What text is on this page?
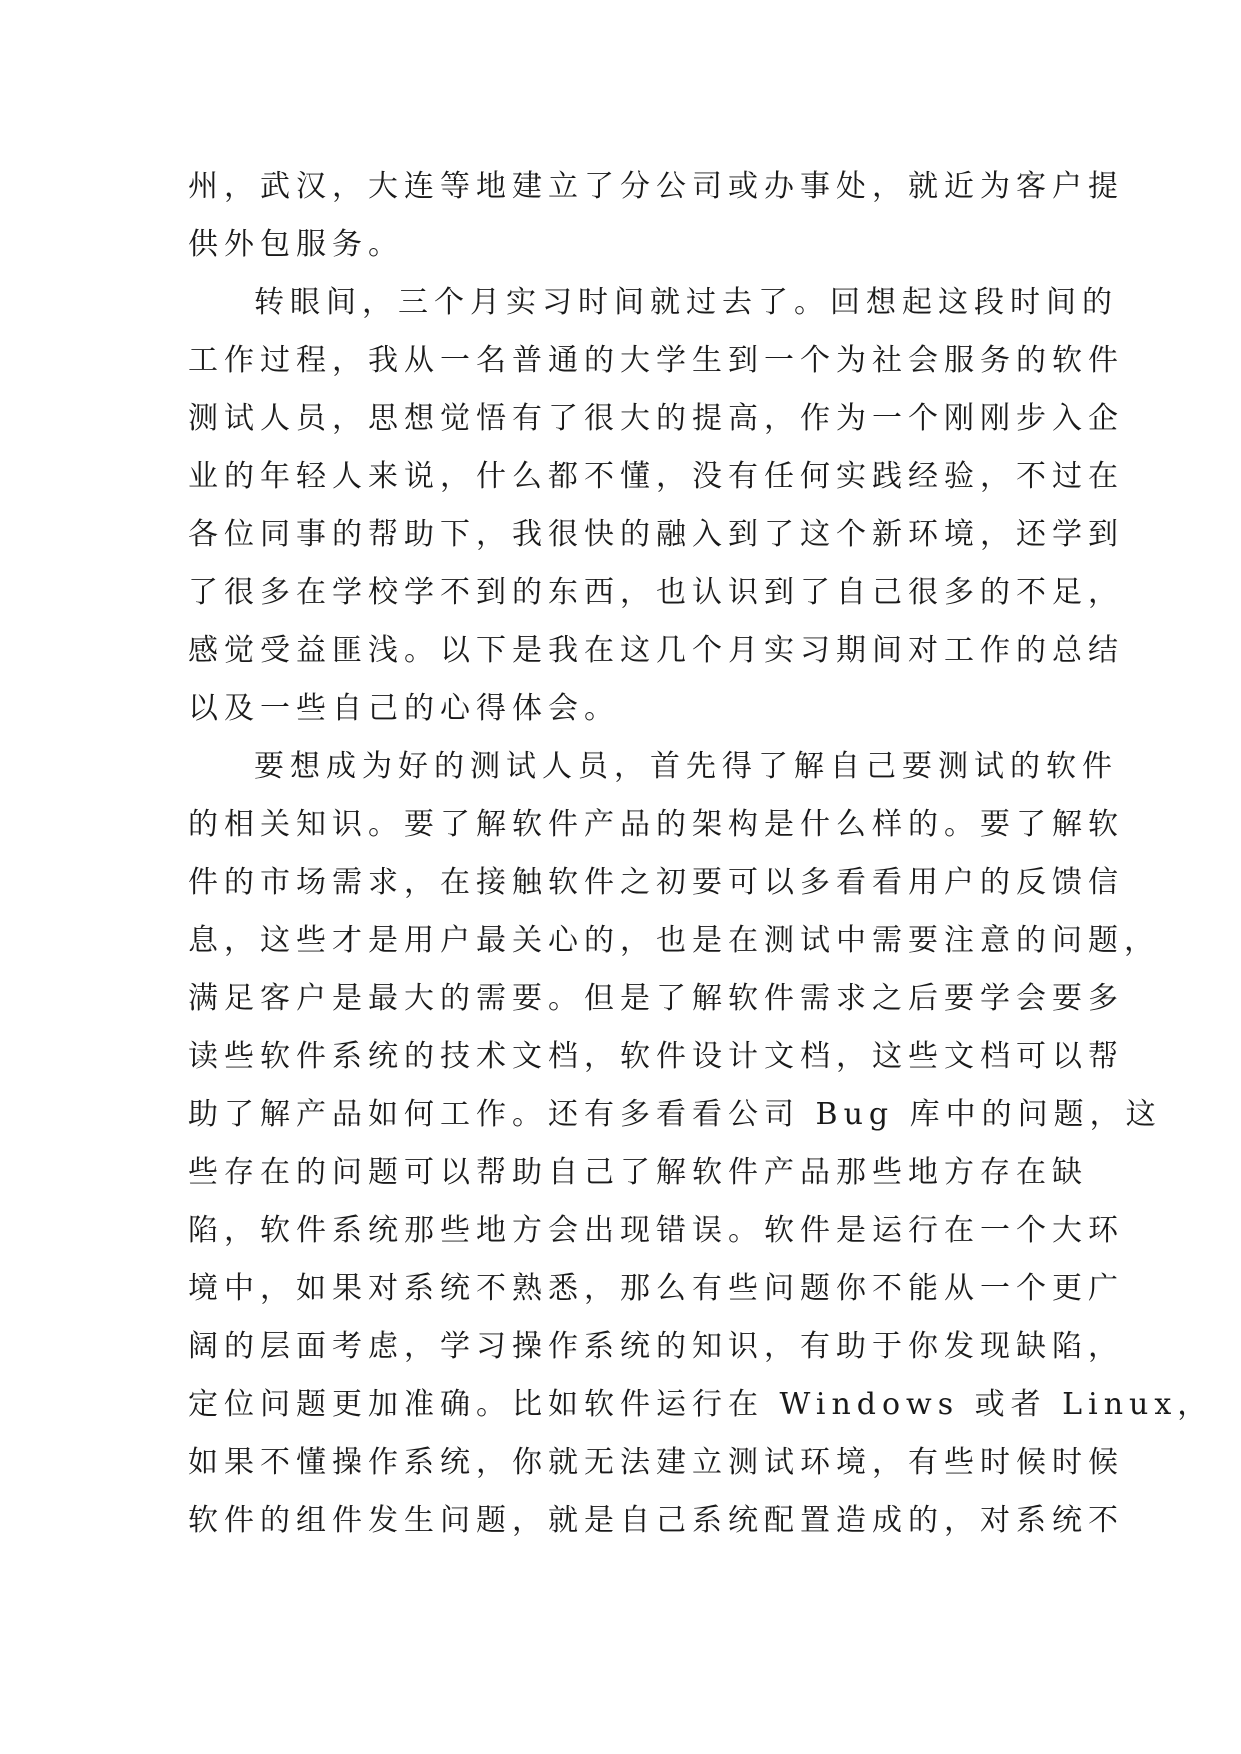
州，武汉，大连等地建立了分公司或办事处，就近为客户提
供外包服务。
转眼间，三个月实习时间就过去了。回想起这段时间的
工作过程，我从一名普通的大学生到一个为社会服务的软件
测试人员，思想觉悟有了很大的提高，作为一个刚刚步入企
业的年轻人来说，什么都不懂，没有任何实践经验，不过在
各位同事的帮助下，我很快的融入到了这个新环境，还学到
了很多在学校学不到的东西，也认识到了自己很多的不足，
感觉受益匪浅。以下是我在这几个月实习期间对工作的总结
以及一些自己的心得体会。
要想成为好的测试人员，首先得了解自己要测试的软件
的相关知识。要了解软件产品的架构是什么样的。要了解软
件的市场需求，在接触软件之初要可以多看看用户的反馈信
息，这些才是用户最关心的，也是在测试中需要注意的问题，
满足客户是最大的需要。但是了解软件需求之后要学会要多
读些软件系统的技术文档，软件设计文档，这些文档可以帮
助了解产品如何工作。还有多看看公司 Bug 库中的问题，这
些存在的问题可以帮助自己了解软件产品那些地方存在缺
陷，软件系统那些地方会出现错误。软件是运行在一个大环
境中，如果对系统不熟悉，那么有些问题你不能从一个更广
阔的层面考虑，学习操作系统的知识，有助于你发现缺陷，
定位问题更加准确。比如软件运行在 Windows 或者 Linux，
如果不懂操作系统，你就无法建立测试环境，有些时候时候
软件的组件发生问题，就是自己系统配置造成的，对系统不
